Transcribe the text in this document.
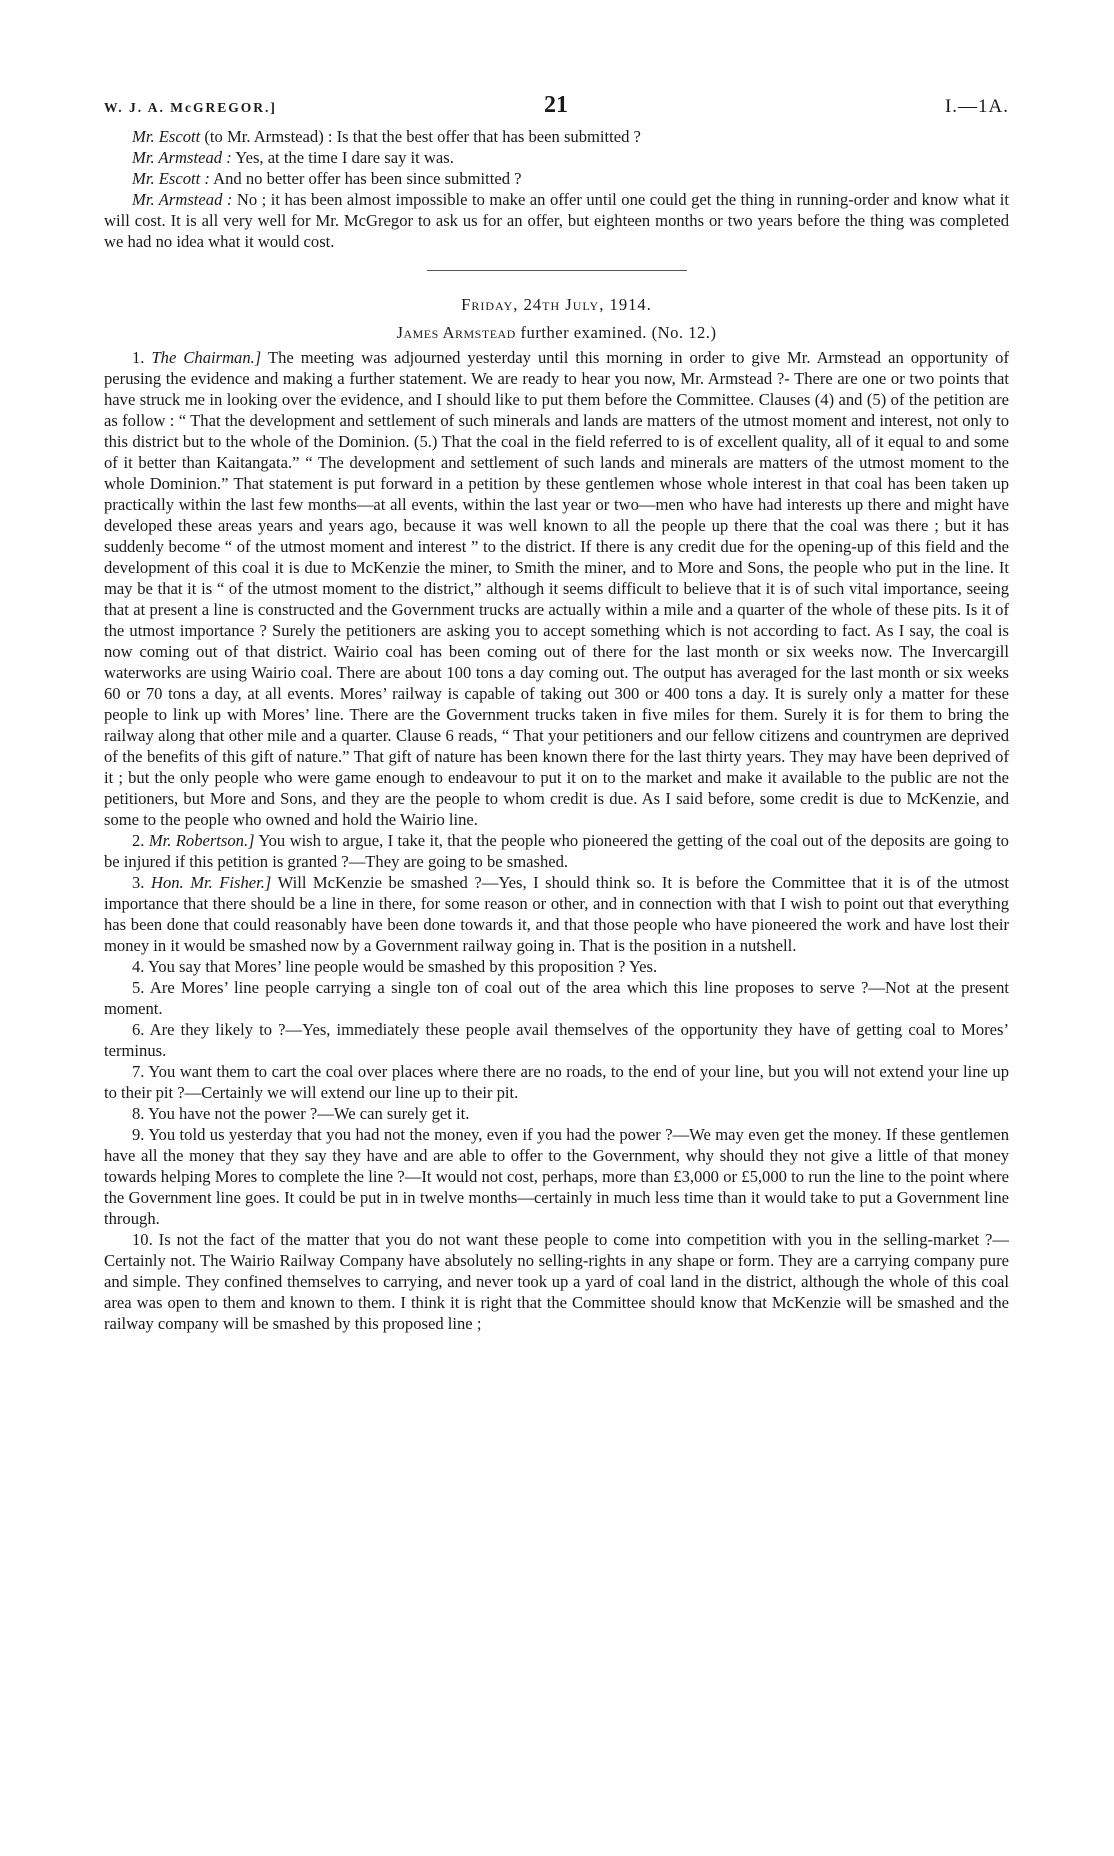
W. J. A. McGREGOR.]	21	I.—1A.

Mr. Escott (to Mr. Armstead) : Is that the best offer that has been submitted ?

Mr. Armstead : Yes, at the time I dare say it was.

Mr. Escott : And no better offer has been since submitted ?

Mr. Armstead : No ; it has been almost impossible to make an offer until one could get the thing in running-order and know what it will cost. It is all very well for Mr. McGregor to ask us for an offer, but eighteen months or two years before the thing was completed we had no idea what it would cost.

Friday, 24th July, 1914.
James Armstead further examined. (No. 12.)

1. The Chairman.] The meeting was adjourned yesterday until this morning in order to give Mr. Armstead an opportunity of perusing the evidence and making a further statement. We are ready to hear you now, Mr. Armstead ?- There are one or two points that have struck me in looking over the evidence, and I should like to put them before the Committee. Clauses (4) and (5) of the petition are as follow : “ That the development and settlement of such minerals and lands are matters of the utmost moment and interest, not only to this district but to the whole of the Dominion. (5.) That the coal in the field referred to is of excellent quality, all of it equal to and some of it better than Kaitangata.” “ The development and settlement of such lands and minerals are matters of the utmost moment to the whole Dominion.” That statement is put forward in a petition by these gentlemen whose whole interest in that coal has been taken up practically within the last few months—at all events, within the last year or two—men who have had interests up there and might have developed these areas years and years ago, because it was well known to all the people up there that the coal was there ; but it has suddenly become “ of the utmost moment and interest ” to the district. If there is any credit due for the opening-up of this field and the development of this coal it is due to McKenzie the miner, to Smith the miner, and to More and Sons, the people who put in the line. It may be that it is “ of the utmost moment to the district,” although it seems difficult to believe that it is of such vital importance, seeing that at present a line is constructed and the Government trucks are actually within a mile and a quarter of the whole of these pits. Is it of the utmost importance ? Surely the petitioners are asking you to accept something which is not according to fact. As I say, the coal is now coming out of that district. Wairio coal has been coming out of there for the last month or six weeks now. The Invercargill waterworks are using Wairio coal. There are about 100 tons a day coming out. The output has averaged for the last month or six weeks 60 or 70 tons a day, at all events. Mores’ railway is capable of taking out 300 or 400 tons a day. It is surely only a matter for these people to link up with Mores’ line. There are the Government trucks taken in five miles for them. Surely it is for them to bring the railway along that other mile and a quarter. Clause 6 reads, “ That your petitioners and our fellow citizens and countrymen are deprived of the benefits of this gift of nature.” That gift of nature has been known there for the last thirty years. They may have been deprived of it ; but the only people who were game enough to endeavour to put it on to the market and make it available to the public are not the petitioners, but More and Sons, and they are the people to whom credit is due. As I said before, some credit is due to McKenzie, and some to the people who owned and hold the Wairio line.

2. Mr. Robertson.] You wish to argue, I take it, that the people who pioneered the getting of the coal out of the deposits are going to be injured if this petition is granted ?—They are going to be smashed.

3. Hon. Mr. Fisher.] Will McKenzie be smashed ?—Yes, I should think so. It is before the Committee that it is of the utmost importance that there should be a line in there, for some reason or other, and in connection with that I wish to point out that everything has been done that could reasonably have been done towards it, and that those people who have pioneered the work and have lost their money in it would be smashed now by a Government railway going in. That is the position in a nutshell.

4. You say that Mores’ line people would be smashed by this proposition ? Yes.

5. Are Mores’ line people carrying a single ton of coal out of the area which this line proposes to serve ?—Not at the present moment.

6. Are they likely to ?—Yes, immediately these people avail themselves of the opportunity they have of getting coal to Mores’ terminus.

7. You want them to cart the coal over places where there are no roads, to the end of your line, but you will not extend your line up to their pit ?—Certainly we will extend our line up to their pit.

8. You have not the power ?—We can surely get it.

9. You told us yesterday that you had not the money, even if you had the power ?—We may even get the money. If these gentlemen have all the money that they say they have and are able to offer to the Government, why should they not give a little of that money towards helping Mores to complete the line ?—It would not cost, perhaps, more than £3,000 or £5,000 to run the line to the point where the Government line goes. It could be put in in twelve months—certainly in much less time than it would take to put a Government line through.

10. Is not the fact of the matter that you do not want these people to come into competition with you in the selling-market ?—Certainly not. The Wairio Railway Company have absolutely no selling-rights in any shape or form. They are a carrying company pure and simple. They confined themselves to carrying, and never took up a yard of coal land in the district, although the whole of this coal area was open to them and known to them. I think it is right that the Committee should know that McKenzie will be smashed and the railway company will be smashed by this proposed line ;
